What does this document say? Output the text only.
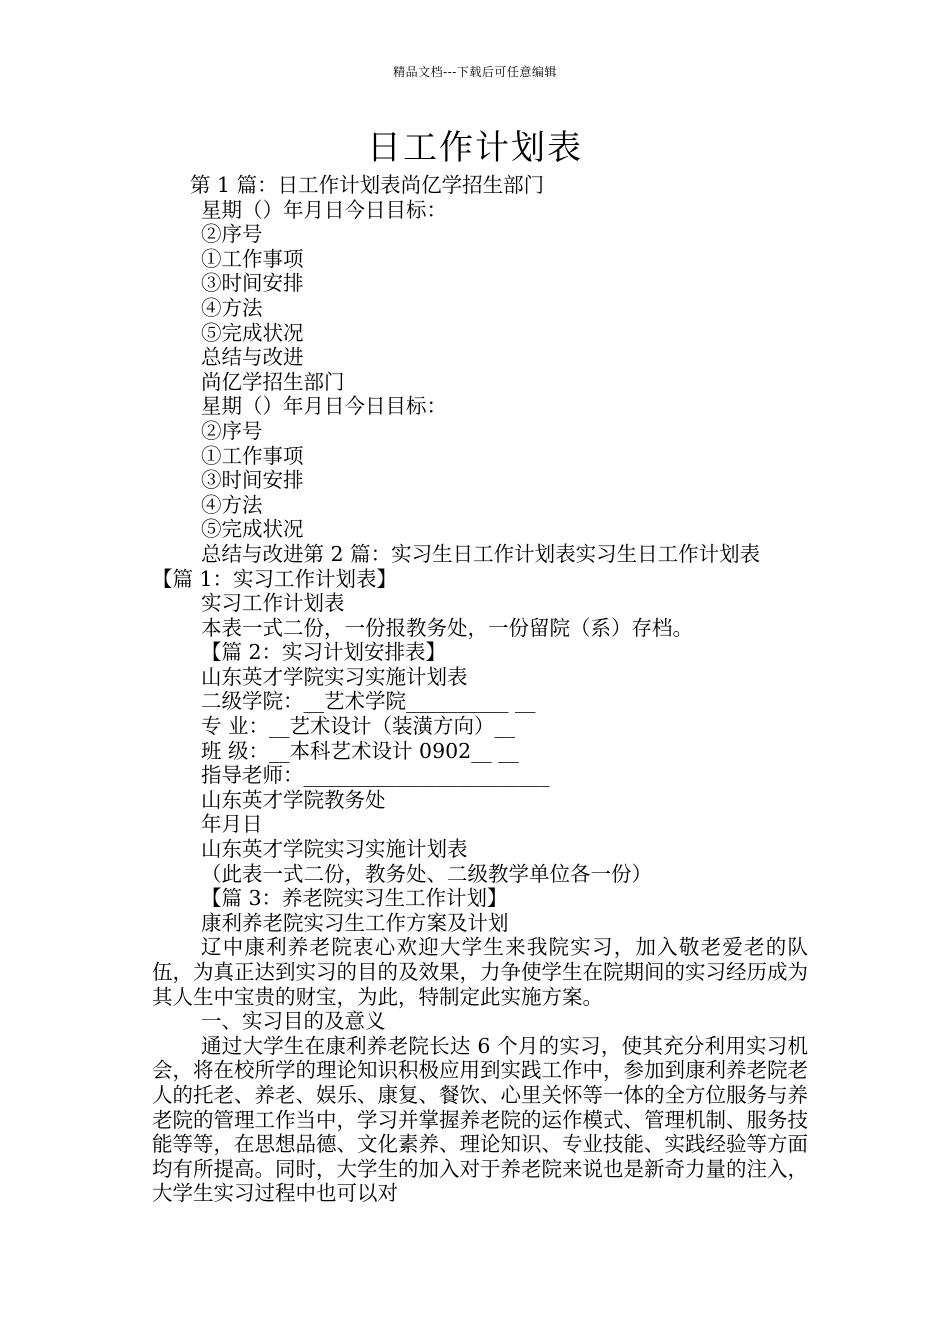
精品文档---下载后可任意编辑
日工作计划表
第 1 篇：日工作计划表尚亿学招生部门
星期（）年月日今日目标：
②序号
①工作事项
③时间安排
④方法
⑤完成状况
总结与改进
尚亿学招生部门
星期（）年月日今日目标：
②序号
①工作事项
③时间安排
④方法
⑤完成状况
总结与改进第 2 篇：实习生日工作计划表实习生日工作计划表
【篇 1：实习工作计划表】
实习工作计划表
本表一式二份，一份报教务处，一份留院（系）存档。
【篇 2：实习计划安排表】
山东英才学院实习实施计划表
二级学院：__艺术学院__________ __
专 业：__艺术设计（装潢方向）__
班 级：__本科艺术设计 0902__ __
指导老师：________________________
山东英才学院教务处
年月日
山东英才学院实习实施计划表
（此表一式二份，教务处、二级教学单位各一份）
【篇 3：养老院实习生工作计划】
康利养老院实习生工作方案及计划
辽中康利养老院衷心欢迎大学生来我院实习，加入敬老爱老的队伍，为真正达到实习的目的及效果，力争使学生在院期间的实习经历成为其人生中宝贵的财宝，为此，特制定此实施方案。
一、实习目的及意义
通过大学生在康利养老院长达 6 个月的实习，使其充分利用实习机会，将在校所学的理论知识积极应用到实践工作中，参加到康利养老院老人的托老、养老、娱乐、康复、餐饮、心里关怀等一体的全方位服务与养老院的管理工作当中，学习并掌握养老院的运作模式、管理机制、服务技能等等，在思想品德、文化素养、理论知识、专业技能、实践经验等方面均有所提高。同时，大学生的加入对于养老院来说也是新奇力量的注入，大学生实习过程中也可以对
